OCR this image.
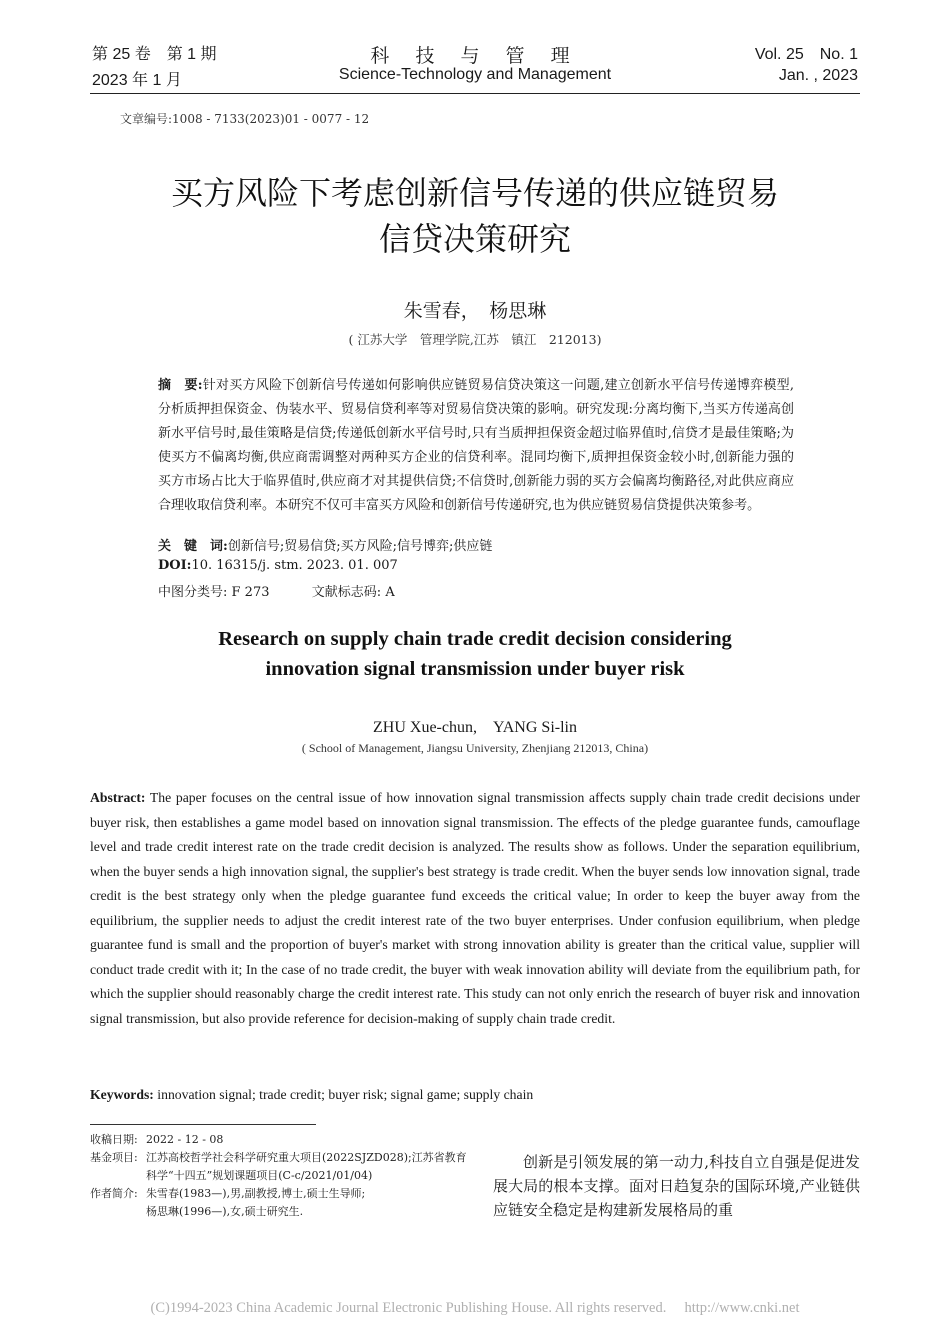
第 25 卷　第 1 期
2023 年 1 月
科 技 与 管 理
Science-Technology and Management
Vol. 25　No. 1
Jan. , 2023
文章编号:1008 - 7133(2023)01 - 0077 - 12
买方风险下考虑创新信号传递的供应链贸易
信贷决策研究
朱雪春，　杨思琳
( 江苏大学　管理学院,江苏　镇江　212013)
摘　要:针对买方风险下创新信号传递如何影响供应链贸易信贷决策这一问题,建立创新水平信号传递博弈模型,分析质押担保资金、伪装水平、贸易信贷利率等对贸易信贷决策的影响。研究发现:分离均衡下,当买方传递高创新水平信号时,最佳策略是信贷;传递低创新水平信号时,只有当质押担保资金超过临界值时,信贷才是最佳策略;为使买方不偏离均衡,供应商需调整对两种买方企业的信贷利率。混同均衡下,质押担保资金较小时,创新能力强的买方市场占比大于临界值时,供应商才对其提供信贷;不信贷时,创新能力弱的买方会偏离均衡路径,对此供应商应合理收取信贷利率。本研究不仅可丰富买方风险和创新信号传递研究,也为供应链贸易信贷提供决策参考。
关　键　词:创新信号;贸易信贷;买方风险;信号博弈;供应链
DOI:10. 16315/j. stm. 2023. 01. 007
中图分类号: F 273	文献标志码: A
Research on supply chain trade credit decision considering
innovation signal transmission under buyer risk
ZHU Xue-chun,　YANG Si-lin
( School of Management, Jiangsu University, Zhenjiang 212013, China)
Abstract: The paper focuses on the central issue of how innovation signal transmission affects supply chain trade credit decisions under buyer risk, then establishes a game model based on innovation signal transmission. The effects of the pledge guarantee funds, camouflage level and trade credit interest rate on the trade credit decision is analyzed. The results show as follows. Under the separation equilibrium, when the buyer sends a high innovation signal, the supplier's best strategy is trade credit. When the buyer sends low innovation signal, trade credit is the best strategy only when the pledge guarantee fund exceeds the critical value; In order to keep the buyer away from the equilibrium, the supplier needs to adjust the credit interest rate of the two buyer enterprises. Under confusion equilibrium, when pledge guarantee fund is small and the proportion of buyer's market with strong innovation ability is greater than the critical value, supplier will conduct trade credit with it; In the case of no trade credit, the buyer with weak innovation ability will deviate from the equilibrium path, for which the supplier should reasonably charge the credit interest rate. This study can not only enrich the research of buyer risk and innovation signal transmission, but also provide reference for decision-making of supply chain trade credit.
Keywords: innovation signal; trade credit; buyer risk; signal game; supply chain
收稿日期: 2022 - 12 - 08
基金项目: 江苏高校哲学社会科学研究重大项目(2022SJZD028);江苏省教育科学“十四五”规划课题项目(C-c/2021/01/04)
作者简介: 朱雪春(1983—),男,副教授,博士,硕士生导师;
杨思琳(1996—),女,硕士研究生.
创新是引领发展的第一动力,科技自立自强是促进发展大局的根本支撑。面对日趋复杂的国际环境,产业链供应链安全稳定是构建新发展格局的重
(C)1994-2023 China Academic Journal Electronic Publishing House. All rights reserved.　 http://www.cnki.net
